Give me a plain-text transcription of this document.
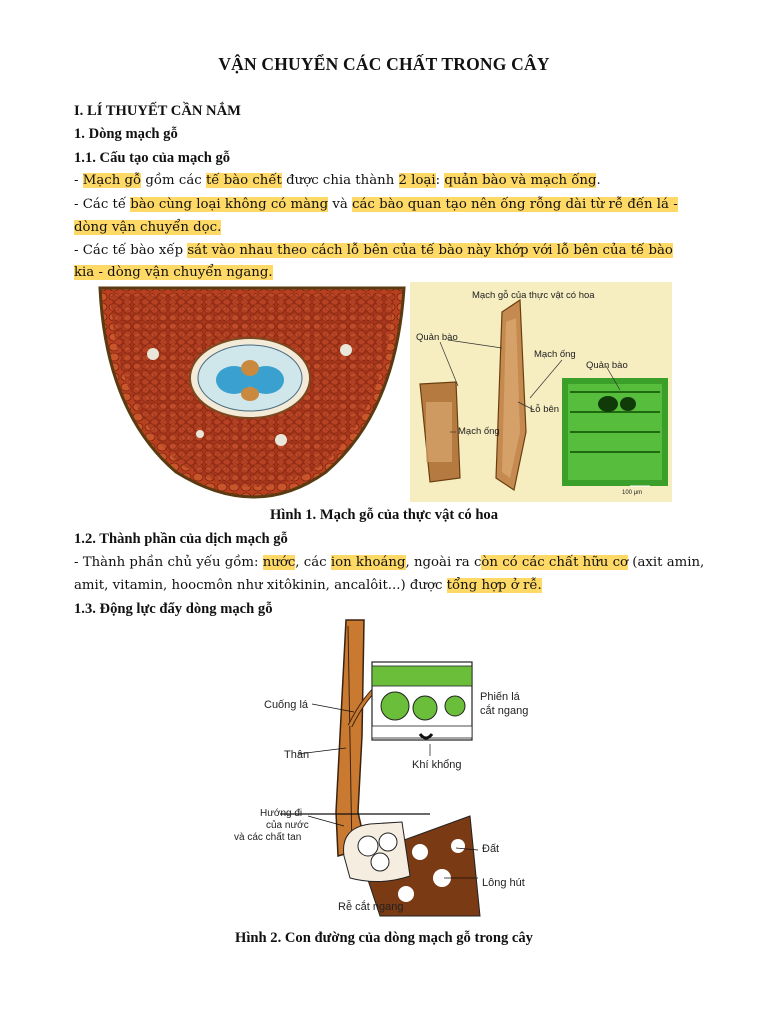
VẬN CHUYỂN CÁC CHẤT TRONG CÂY
I. LÍ THUYẾT CẦN NẮM
1. Dòng mạch gỗ
1.1. Cấu tạo của mạch gỗ
- Mạch gỗ gồm các tế bào chết được chia thành 2 loại: quản bào và mạch ống.
- Các tế bào cùng loại không có màng và các bào quan tạo nên ống rỗng dài từ rễ đến lá -
dòng vận chuyển dọc.
- Các tế bào xếp sát vào nhau theo cách lỗ bên của tế bào này khớp với lỗ bên của tế bào
kia - dòng vận chuyển ngang.
Mạch gỗ của thực vật có hoa
100 µm
Quản bào
Mạch ống
Quản bào
Lỗ bên
Mạch ống
Hình 1. Mạch gỗ của thực vật có hoa
1.2. Thành phần của dịch mạch gỗ
- Thành phần chủ yếu gồm: nước, các ion khoáng, ngoài ra còn có các chất hữu cơ (axit amin,
amit, vitamin, hoocmôn như xitôkinin, ancalôit...) được tổng hợp ở rễ.
1.3. Động lực đẩy dòng mạch gỗ
Cuống lá
Thân
Hướng đi
của nước
và các chất tan
Phiến lá
cắt ngang
Khí khổng
Đất
Lông hút
Rễ cắt ngang
Hình 2. Con đường của dòng mạch gỗ trong cây
